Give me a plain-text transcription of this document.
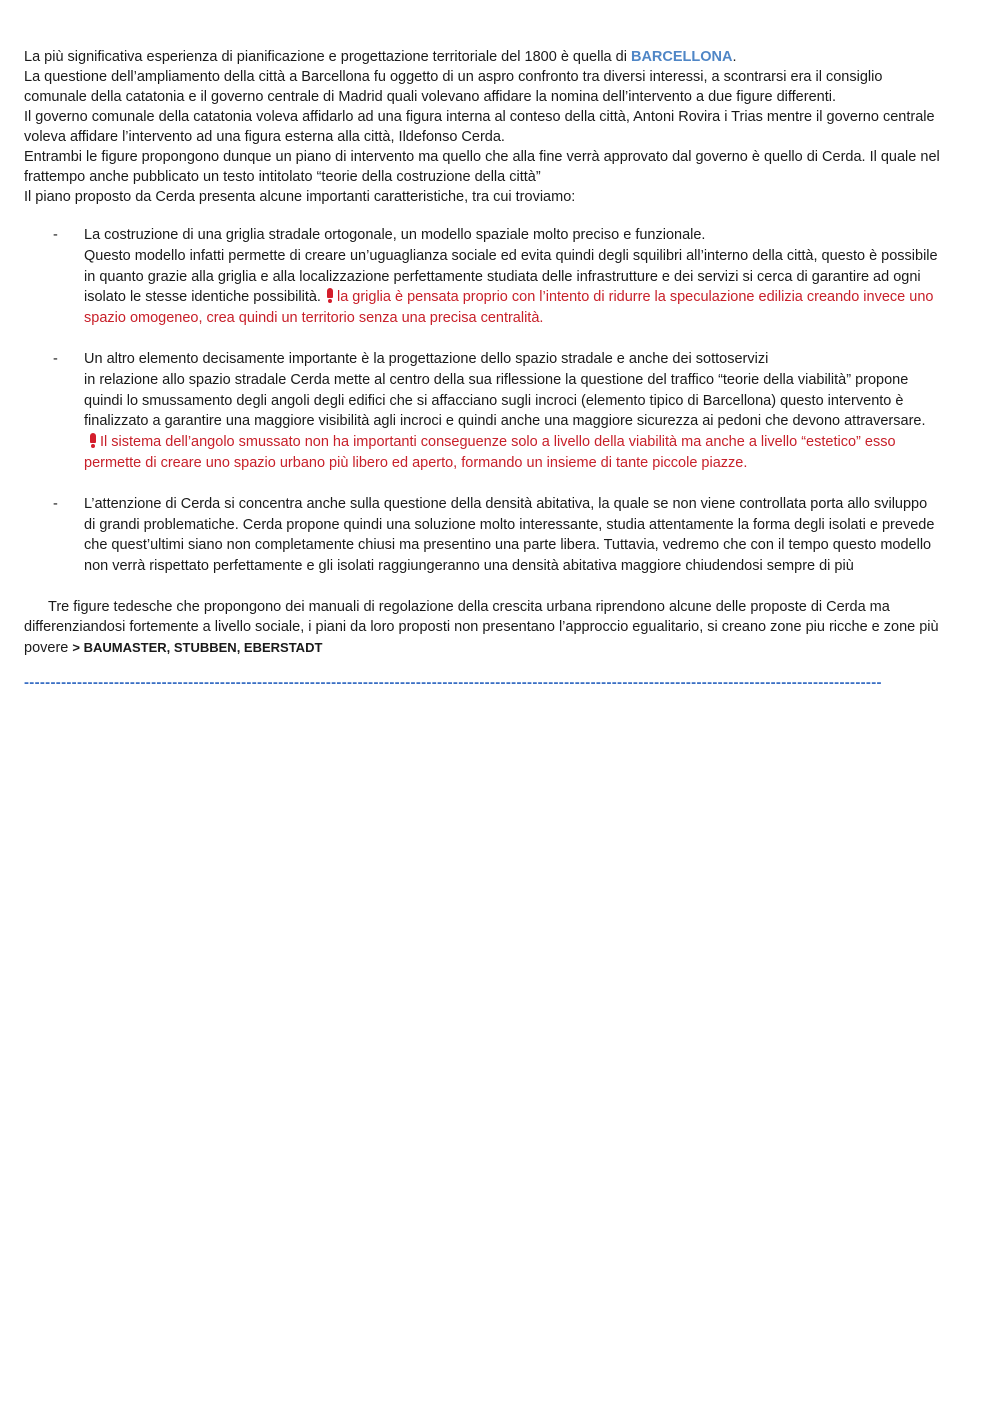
La più significativa esperienza di pianificazione e progettazione territoriale del 1800 è quella di BARCELLONA.

La questione dell’ampliamento della città a Barcellona fu oggetto di un aspro confronto tra diversi interessi, a scontrarsi era il consiglio comunale della catatonia e il governo centrale di Madrid quali volevano affidare la nomina dell’intervento a due figure differenti.

Il governo comunale della catatonia voleva affidarlo ad una figura interna al conteso della città, Antoni Rovira i Trias mentre il governo centrale voleva affidare l’intervento ad una figura esterna alla città, Ildefonso Cerda.

Entrambi le figure propongono dunque un piano di intervento ma quello che alla fine verrà approvato dal governo è quello di Cerda. Il quale nel frattempo anche pubblicato un testo intitolato “teorie della costruzione della città”

Il piano proposto da Cerda presenta alcune importanti caratteristiche, tra cui troviamo:

- La costruzione di una griglia stradale ortogonale, un modello spaziale molto preciso e funzionale.

Questo modello infatti permette di creare un’uguaglianza sociale ed evita quindi degli squilibri all’interno della città, questo è possibile in quanto grazie alla griglia e alla localizzazione perfettamente studiata delle infrastrutture e dei servizi si cerca di garantire ad ogni isolato le stesse identiche possibilità. la griglia è pensata proprio con l’intento di ridurre la speculazione edilizia creando invece uno spazio omogeneo, crea quindi un territorio senza una precisa centralità.

- Un altro elemento decisamente importante è la progettazione dello spazio stradale e anche dei sottoservizi

in relazione allo spazio stradale Cerda mette al centro della sua riflessione la questione del traffico “teorie della viabilità” propone quindi lo smussamento degli angoli degli edifici che si affacciano sugli incroci (elemento tipico di Barcellona) questo intervento è finalizzato a garantire una maggiore visibilità agli incroci e quindi anche una maggiore sicurezza ai pedoni che devono attraversare.
Il sistema dell’angolo smussato non ha importanti conseguenze solo a livello della viabilità ma anche a livello “estetico” esso permette di creare uno spazio urbano più libero ed aperto, formando un insieme di tante piccole piazze.

- L’attenzione di Cerda si concentra anche sulla questione della densità abitativa, la quale se non viene controllata porta allo sviluppo di grandi problematiche. Cerda propone quindi una soluzione molto interessante, studia attentamente la forma degli isolati e prevede che quest’ultimi siano non completamente chiusi ma presentino una parte libera. Tuttavia, vedremo che con il tempo questo modello non verrà rispettato perfettamente e gli isolati raggiungeranno una densità abitativa maggiore chiudendosi sempre di più

Tre figure tedesche che propongono dei manuali di regolazione della crescita urbana riprendono alcune delle proposte di Cerda ma differenziandosi fortemente a livello sociale, i piani da loro proposti non presentano l’approccio egualitario, si creano zone piu ricche e zone più povere > BAUMASTER, STUBBEN, EBERSTADT

------------------------------------------------------------------------------------------------------------------------------------------------------------------
